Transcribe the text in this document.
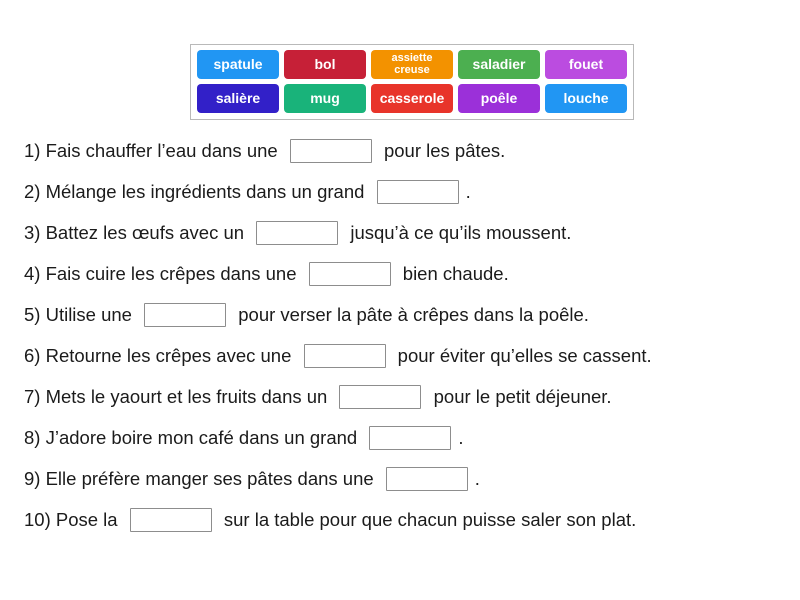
spatule	bol	assiette creuse	saladier	fouet
salière	mug	casserole	poêle	louche
1) Fais chauffer l’eau dans une	pour les pâtes.
2) Mélange les ingrédients dans un grand	.
3) Battez les œufs avec un	jusqu’à ce qu’ils moussent.
4) Fais cuire les crêpes dans une	bien chaude.
5) Utilise une	pour verser la pâte à crêpes dans la poêle.
6) Retourne les crêpes avec une	pour éviter qu’elles se cassent.
7) Mets le yaourt et les fruits dans un	pour le petit déjeuner.
8) J’adore boire mon café dans un grand	.
9) Elle préfère manger ses pâtes dans une	.
10) Pose la	sur la table pour que chacun puisse saler son plat.
